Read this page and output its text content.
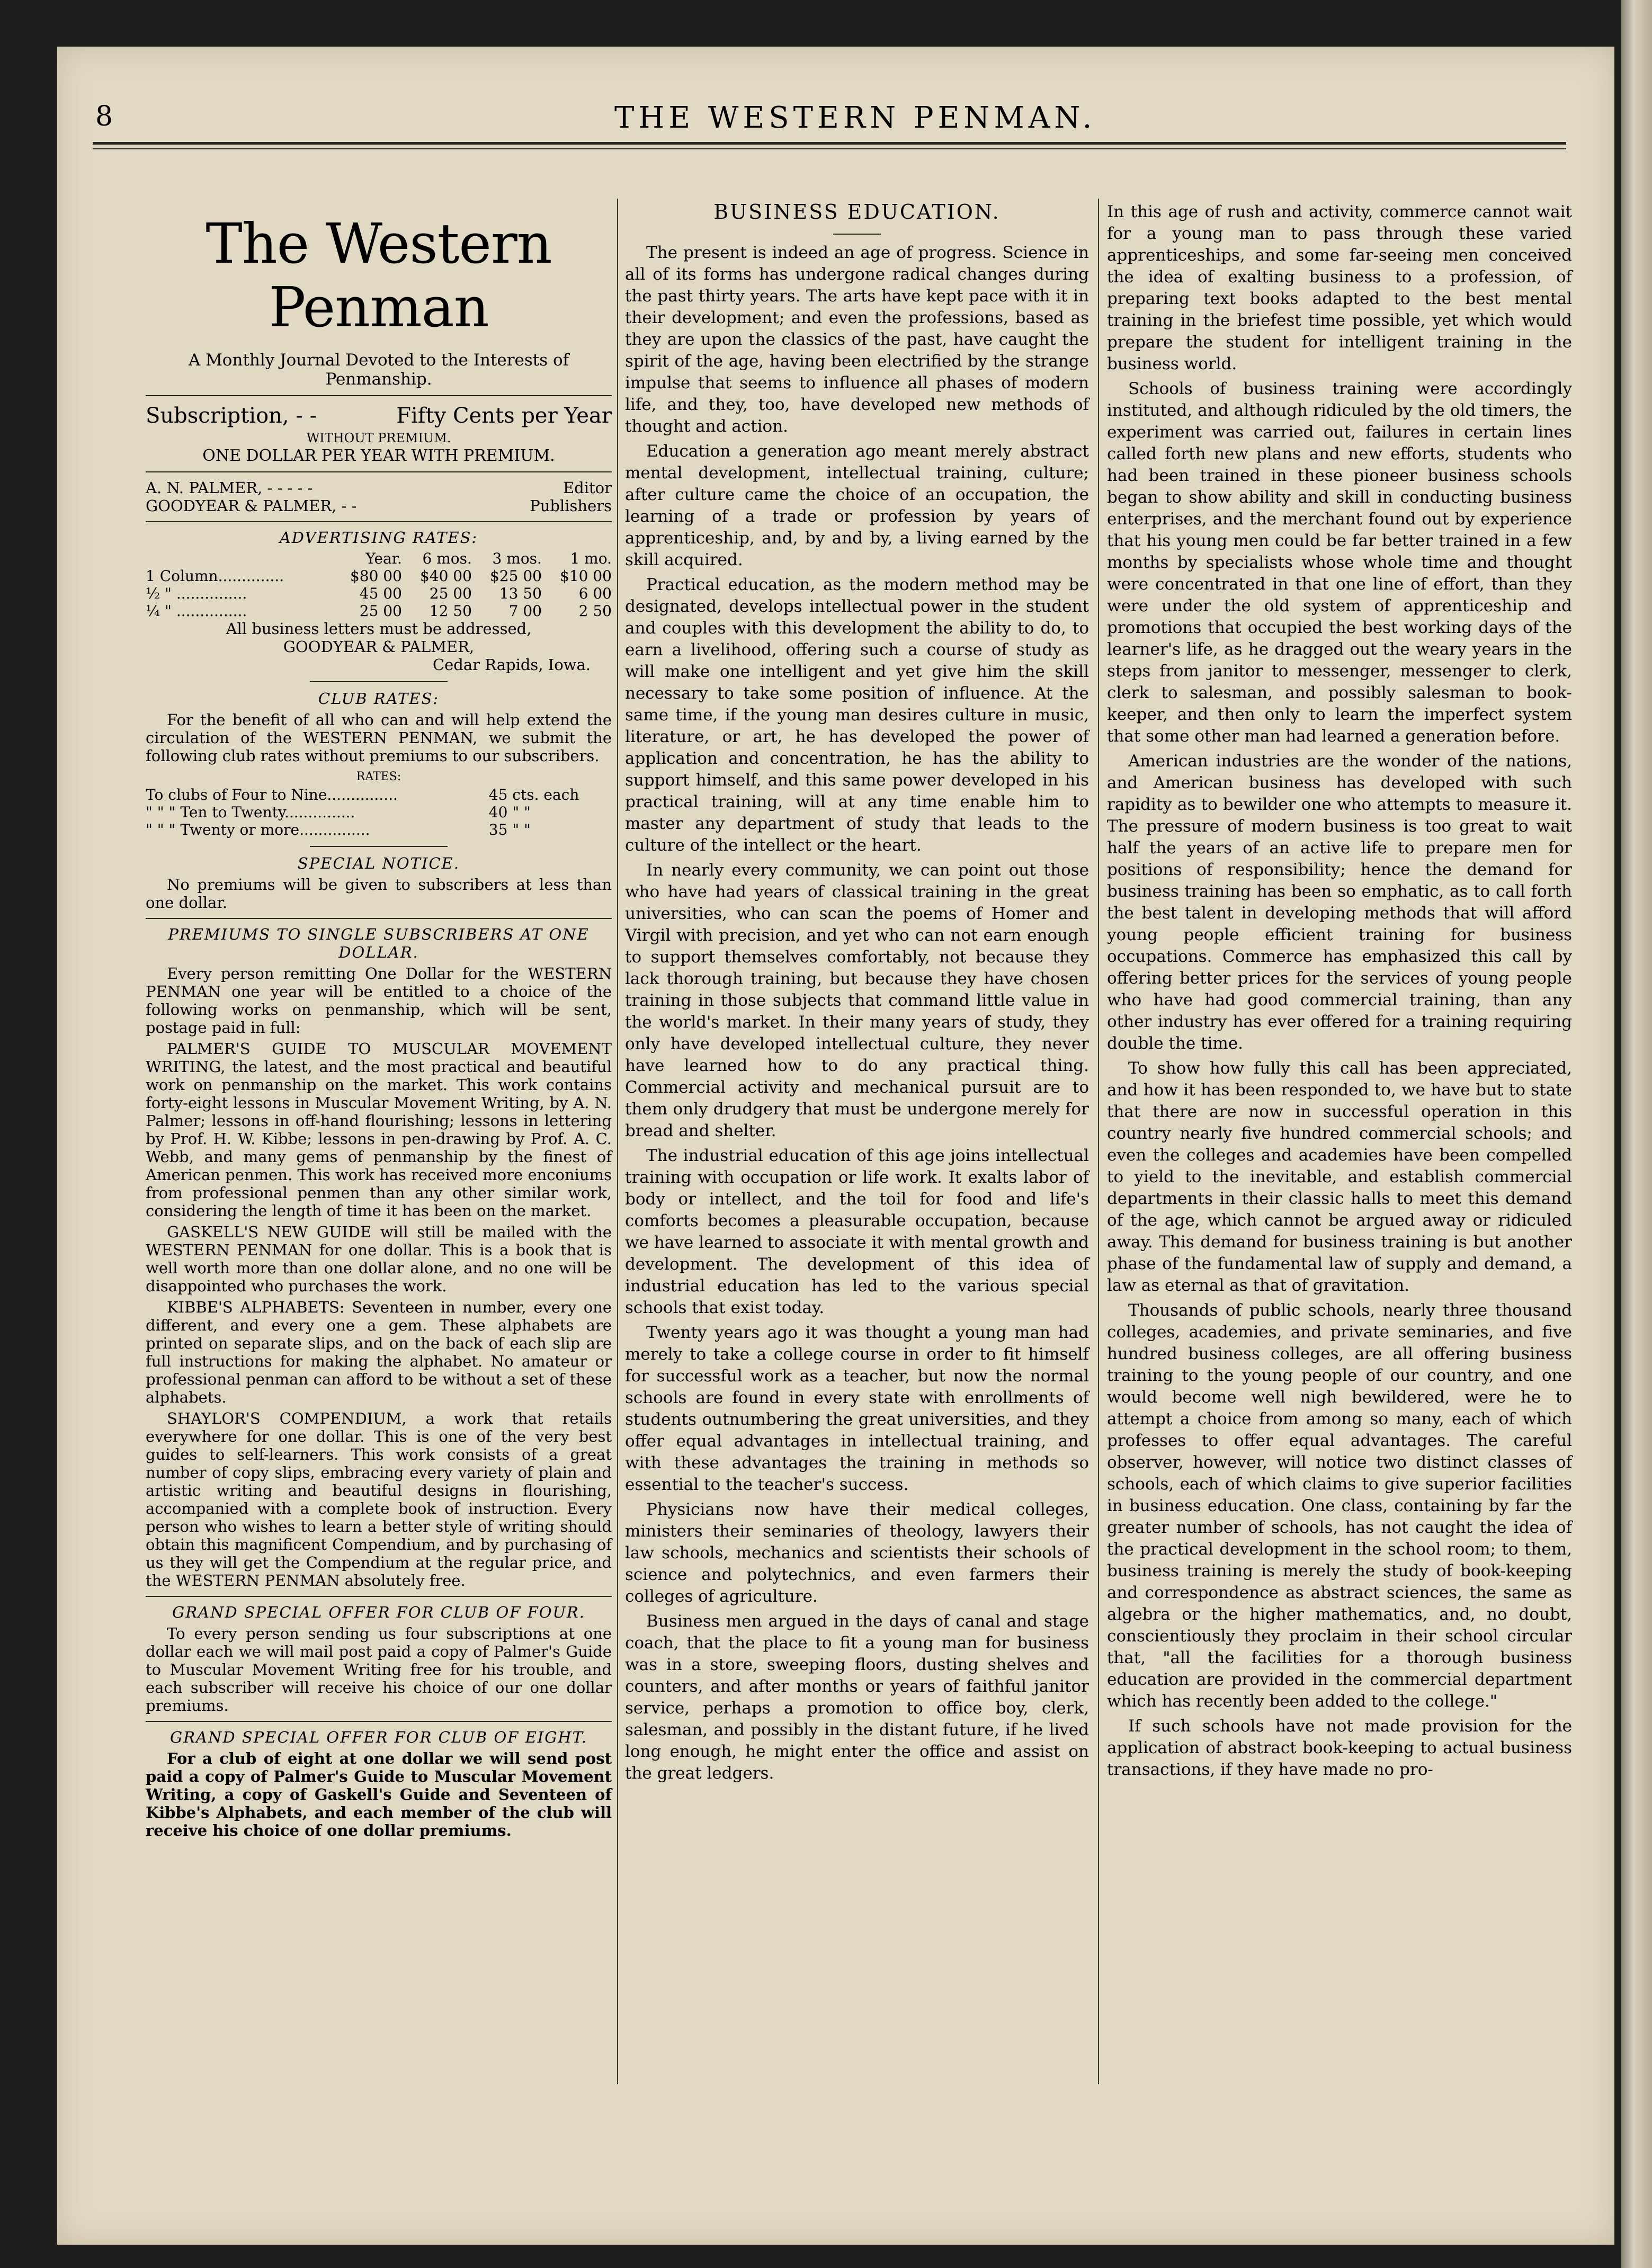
8	THE WESTERN PENMAN.
The Western Penman
A Monthly Journal Devoted to the Interests of Penmanship.
Subscription, - -	Fifty Cents per Year
WITHOUT PREMIUM.
ONE DOLLAR PER YEAR WITH PREMIUM.
A. N. PALMER, - - - - -	Editor
GOODYEAR & PALMER, - -	Publishers
ADVERTISING RATES:
	Year.	6 mos.	3 mos.	1 mo.
1 Column..............	$80 00	$40 00	$25 00	$10 00
½ " ...............	45 00	25 00	13 50	6 00
¼ " ...............	25 00	12 50	7 00	2 50
All business letters must be addressed,
GOODYEAR & PALMER,
Cedar Rapids, Iowa.
CLUB RATES:

For the benefit of all who can and will help extend the circulation of the WESTERN PENMAN, we submit the following club rates without premiums to our subscribers.

RATES:
To clubs of Four to Nine...............	45 cts. each
" " " Ten to Twenty...............	40 " "
" " " Twenty or more...............	35 " "
SPECIAL NOTICE.

No premiums will be given to subscribers at less than one dollar.

PREMIUMS TO SINGLE SUBSCRIBERS AT ONE DOLLAR.

Every person remitting One Dollar for the WESTERN PENMAN one year will be entitled to a choice of the following works on penmanship, which will be sent, postage paid in full:

PALMER'S GUIDE TO MUSCULAR MOVEMENT WRITING, the latest, and the most practical and beautiful work on penmanship on the market. This work contains forty-eight lessons in Muscular Movement Writing, by A. N. Palmer; lessons in off-hand flourishing; lessons in lettering by Prof. H. W. Kibbe; lessons in pen-drawing by Prof. A. C. Webb, and many gems of penmanship by the finest of American penmen. This work has received more enconiums from professional penmen than any other similar work, considering the length of time it has been on the market.

GASKELL'S NEW GUIDE will still be mailed with the WESTERN PENMAN for one dollar. This is a book that is well worth more than one dollar alone, and no one will be disappointed who purchases the work.

KIBBE'S ALPHABETS: Seventeen in number, every one different, and every one a gem. These alphabets are printed on separate slips, and on the back of each slip are full instructions for making the alphabet. No amateur or professional penman can afford to be without a set of these alphabets.

SHAYLOR'S COMPENDIUM, a work that retails everywhere for one dollar. This is one of the very best guides to self-learners. This work consists of a great number of copy slips, embracing every variety of plain and artistic writing and beautiful designs in flourishing, accompanied with a complete book of instruction. Every person who wishes to learn a better style of writing should obtain this magnificent Compendium, and by purchasing of us they will get the Compendium at the regular price, and the WESTERN PENMAN absolutely free.

GRAND SPECIAL OFFER FOR CLUB OF FOUR.

To every person sending us four subscriptions at one dollar each we will mail post paid a copy of Palmer's Guide to Muscular Movement Writing free for his trouble, and each subscriber will receive his choice of our one dollar premiums.

GRAND SPECIAL OFFER FOR CLUB OF EIGHT.

For a club of eight at one dollar we will send post paid a copy of Palmer's Guide to Muscular Movement Writing, a copy of Gaskell's Guide and Seventeen of Kibbe's Alphabets, and each member of the club will receive his choice of one dollar premiums.

BUSINESS EDUCATION.

The present is indeed an age of progress. Science in all of its forms has undergone radical changes during the past thirty years. The arts have kept pace with it in their development; and even the professions, based as they are upon the classics of the past, have caught the spirit of the age, having been electrified by the strange impulse that seems to influence all phases of modern life, and they, too, have developed new methods of thought and action.

Education a generation ago meant merely abstract mental development, intellectual training, culture; after culture came the choice of an occupation, the learning of a trade or profession by years of apprenticeship, and, by and by, a living earned by the skill acquired.

Practical education, as the modern method may be designated, develops intellectual power in the student and couples with this development the ability to do, to earn a livelihood, offering such a course of study as will make one intelligent and yet give him the skill necessary to take some position of influence. At the same time, if the young man desires culture in music, literature, or art, he has developed the power of application and concentration, he has the ability to support himself, and this same power developed in his practical training, will at any time enable him to master any department of study that leads to the culture of the intellect or the heart.

In nearly every community, we can point out those who have had years of classical training in the great universities, who can scan the poems of Homer and Virgil with precision, and yet who can not earn enough to support themselves comfortably, not because they lack thorough training, but because they have chosen training in those subjects that command little value in the world's market. In their many years of study, they only have developed intellectual culture, they never have learned how to do any practical thing. Commercial activity and mechanical pursuit are to them only drudgery that must be undergone merely for bread and shelter.

The industrial education of this age joins intellectual training with occupation or life work. It exalts labor of body or intellect, and the toil for food and life's comforts becomes a pleasurable occupation, because we have learned to associate it with mental growth and development. The development of this idea of industrial education has led to the various special schools that exist today.

Twenty years ago it was thought a young man had merely to take a college course in order to fit himself for successful work as a teacher, but now the normal schools are found in every state with enrollments of students outnumbering the great universities, and they offer equal advantages in intellectual training, and with these advantages the training in methods so essential to the teacher's success.

Physicians now have their medical colleges, ministers their seminaries of theology, lawyers their law schools, mechanics and scientists their schools of science and polytechnics, and even farmers their colleges of agriculture.

Business men argued in the days of canal and stage coach, that the place to fit a young man for business was in a store, sweeping floors, dusting shelves and counters, and after months or years of faithful janitor service, perhaps a promotion to office boy, clerk, salesman, and possibly in the distant future, if he lived long enough, he might enter the office and assist on the great ledgers.

In this age of rush and activity, commerce cannot wait for a young man to pass through these varied apprenticeships, and some far-seeing men conceived the idea of exalting business to a profession, of preparing text books adapted to the best mental training in the briefest time possible, yet which would prepare the student for intelligent training in the business world.

Schools of business training were accordingly instituted, and although ridiculed by the old timers, the experiment was carried out, failures in certain lines called forth new plans and new efforts, students who had been trained in these pioneer business schools began to show ability and skill in conducting business enterprises, and the merchant found out by experience that his young men could be far better trained in a few months by specialists whose whole time and thought were concentrated in that one line of effort, than they were under the old system of apprenticeship and promotions that occupied the best working days of the learner's life, as he dragged out the weary years in the steps from janitor to messenger, messenger to clerk, clerk to salesman, and possibly salesman to book-keeper, and then only to learn the imperfect system that some other man had learned a generation before.

American industries are the wonder of the nations, and American business has developed with such rapidity as to bewilder one who attempts to measure it. The pressure of modern business is too great to wait half the years of an active life to prepare men for positions of responsibility; hence the demand for business training has been so emphatic, as to call forth the best talent in developing methods that will afford young people efficient training for business occupations. Commerce has emphasized this call by offering better prices for the services of young people who have had good commercial training, than any other industry has ever offered for a training requiring double the time.

To show how fully this call has been appreciated, and how it has been responded to, we have but to state that there are now in successful operation in this country nearly five hundred commercial schools; and even the colleges and academies have been compelled to yield to the inevitable, and establish commercial departments in their classic halls to meet this demand of the age, which cannot be argued away or ridiculed away. This demand for business training is but another phase of the fundamental law of supply and demand, a law as eternal as that of gravitation.

Thousands of public schools, nearly three thousand colleges, academies, and private seminaries, and five hundred business colleges, are all offering business training to the young people of our country, and one would become well nigh bewildered, were he to attempt a choice from among so many, each of which professes to offer equal advantages. The careful observer, however, will notice two distinct classes of schools, each of which claims to give superior facilities in business education. One class, containing by far the greater number of schools, has not caught the idea of the practical development in the school room; to them, business training is merely the study of book-keeping and correspondence as abstract sciences, the same as algebra or the higher mathematics, and, no doubt, conscientiously they proclaim in their school circular that, "all the facilities for a thorough business education are provided in the commercial department which has recently been added to the college."

If such schools have not made provision for the application of abstract book-keeping to actual business transactions, if they have made no pro-
